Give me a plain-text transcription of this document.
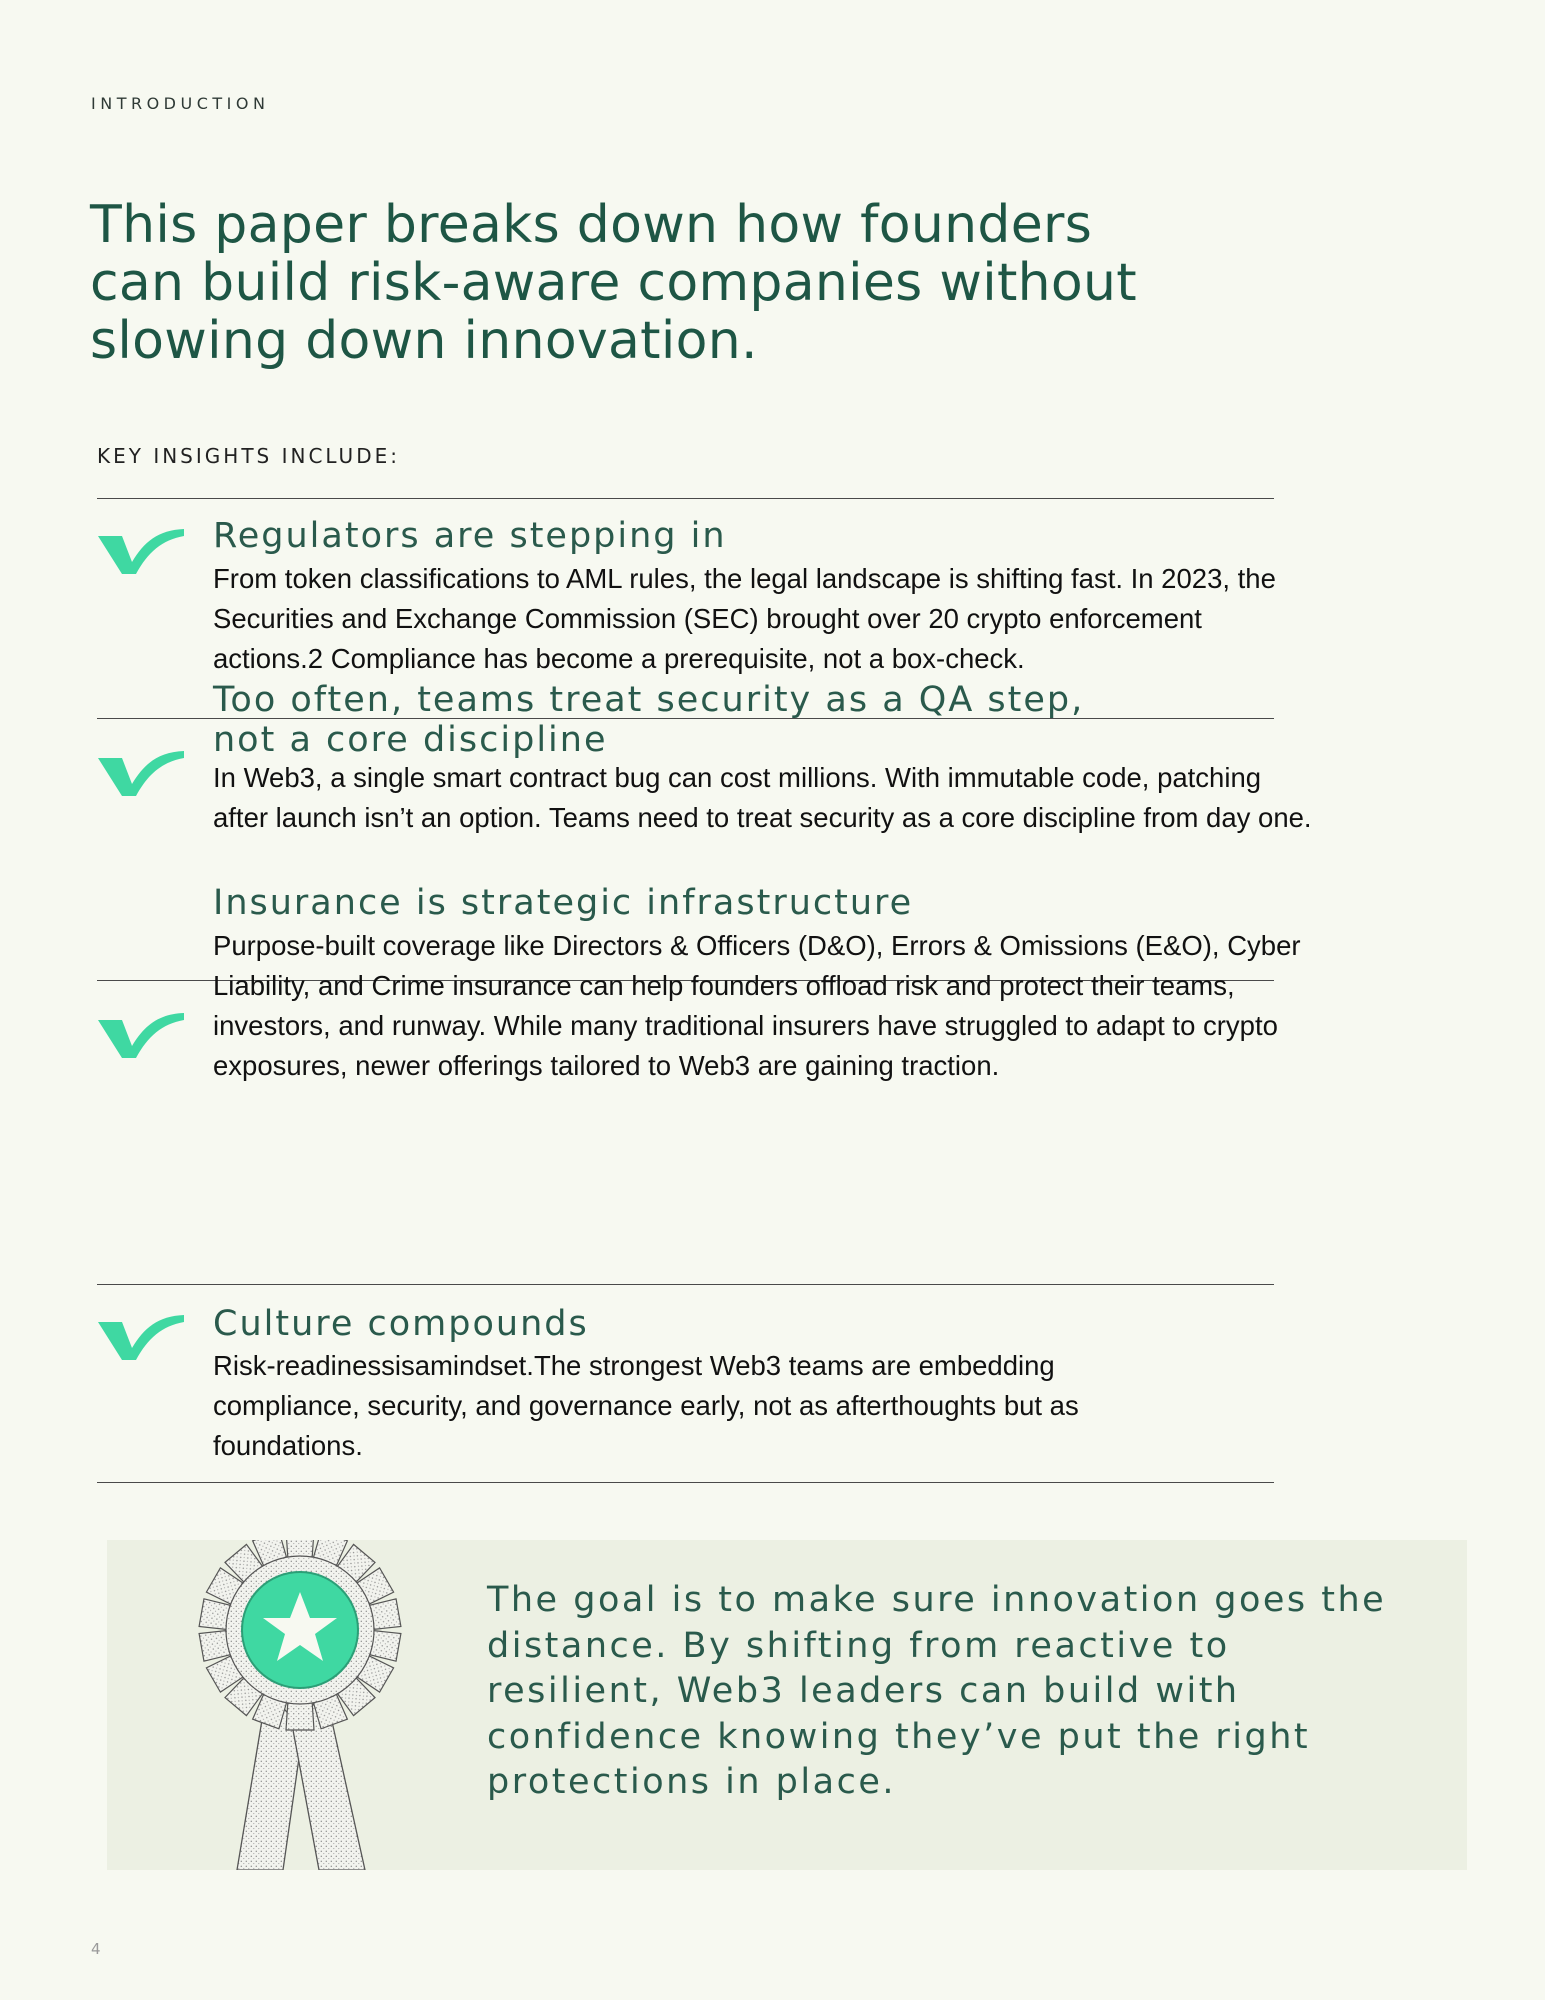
INTRODUCTION
This paper breaks down how founders
can build risk-aware companies without
slowing down innovation.
KEY INSIGHTS INCLUDE:
Regulators are stepping in

From token classifications to AML rules, the legal landscape is shifting fast. In 2023, the Securities and Exchange Commission (SEC) brought over 20 crypto enforcement actions.2 Compliance has become a prerequisite, not a box-check.

Too often, teams treat security as a QA step, not a core discipline

In Web3, a single smart contract bug can cost millions. With immutable code, patching after launch isn’t an option. Teams need to treat security as a core discipline from day one.

Insurance is strategic infrastructure

Purpose-built coverage like Directors & Officers (D&O), Errors & Omissions (E&O), Cyber Liability, and Crime insurance can help founders offload risk and protect their teams, investors, and runway. While many traditional insurers have struggled to adapt to crypto exposures, newer offerings tailored to Web3 are gaining traction.

Culture compounds

Risk-readinessisamindset.The strongest Web3 teams are embedding compliance, security, and governance early, not as afterthoughts but as foundations.

The goal is to make sure innovation goes the distance. By shifting from reactive to resilient, Web3 leaders can build with confidence knowing they’ve put the right protections in place.

4
